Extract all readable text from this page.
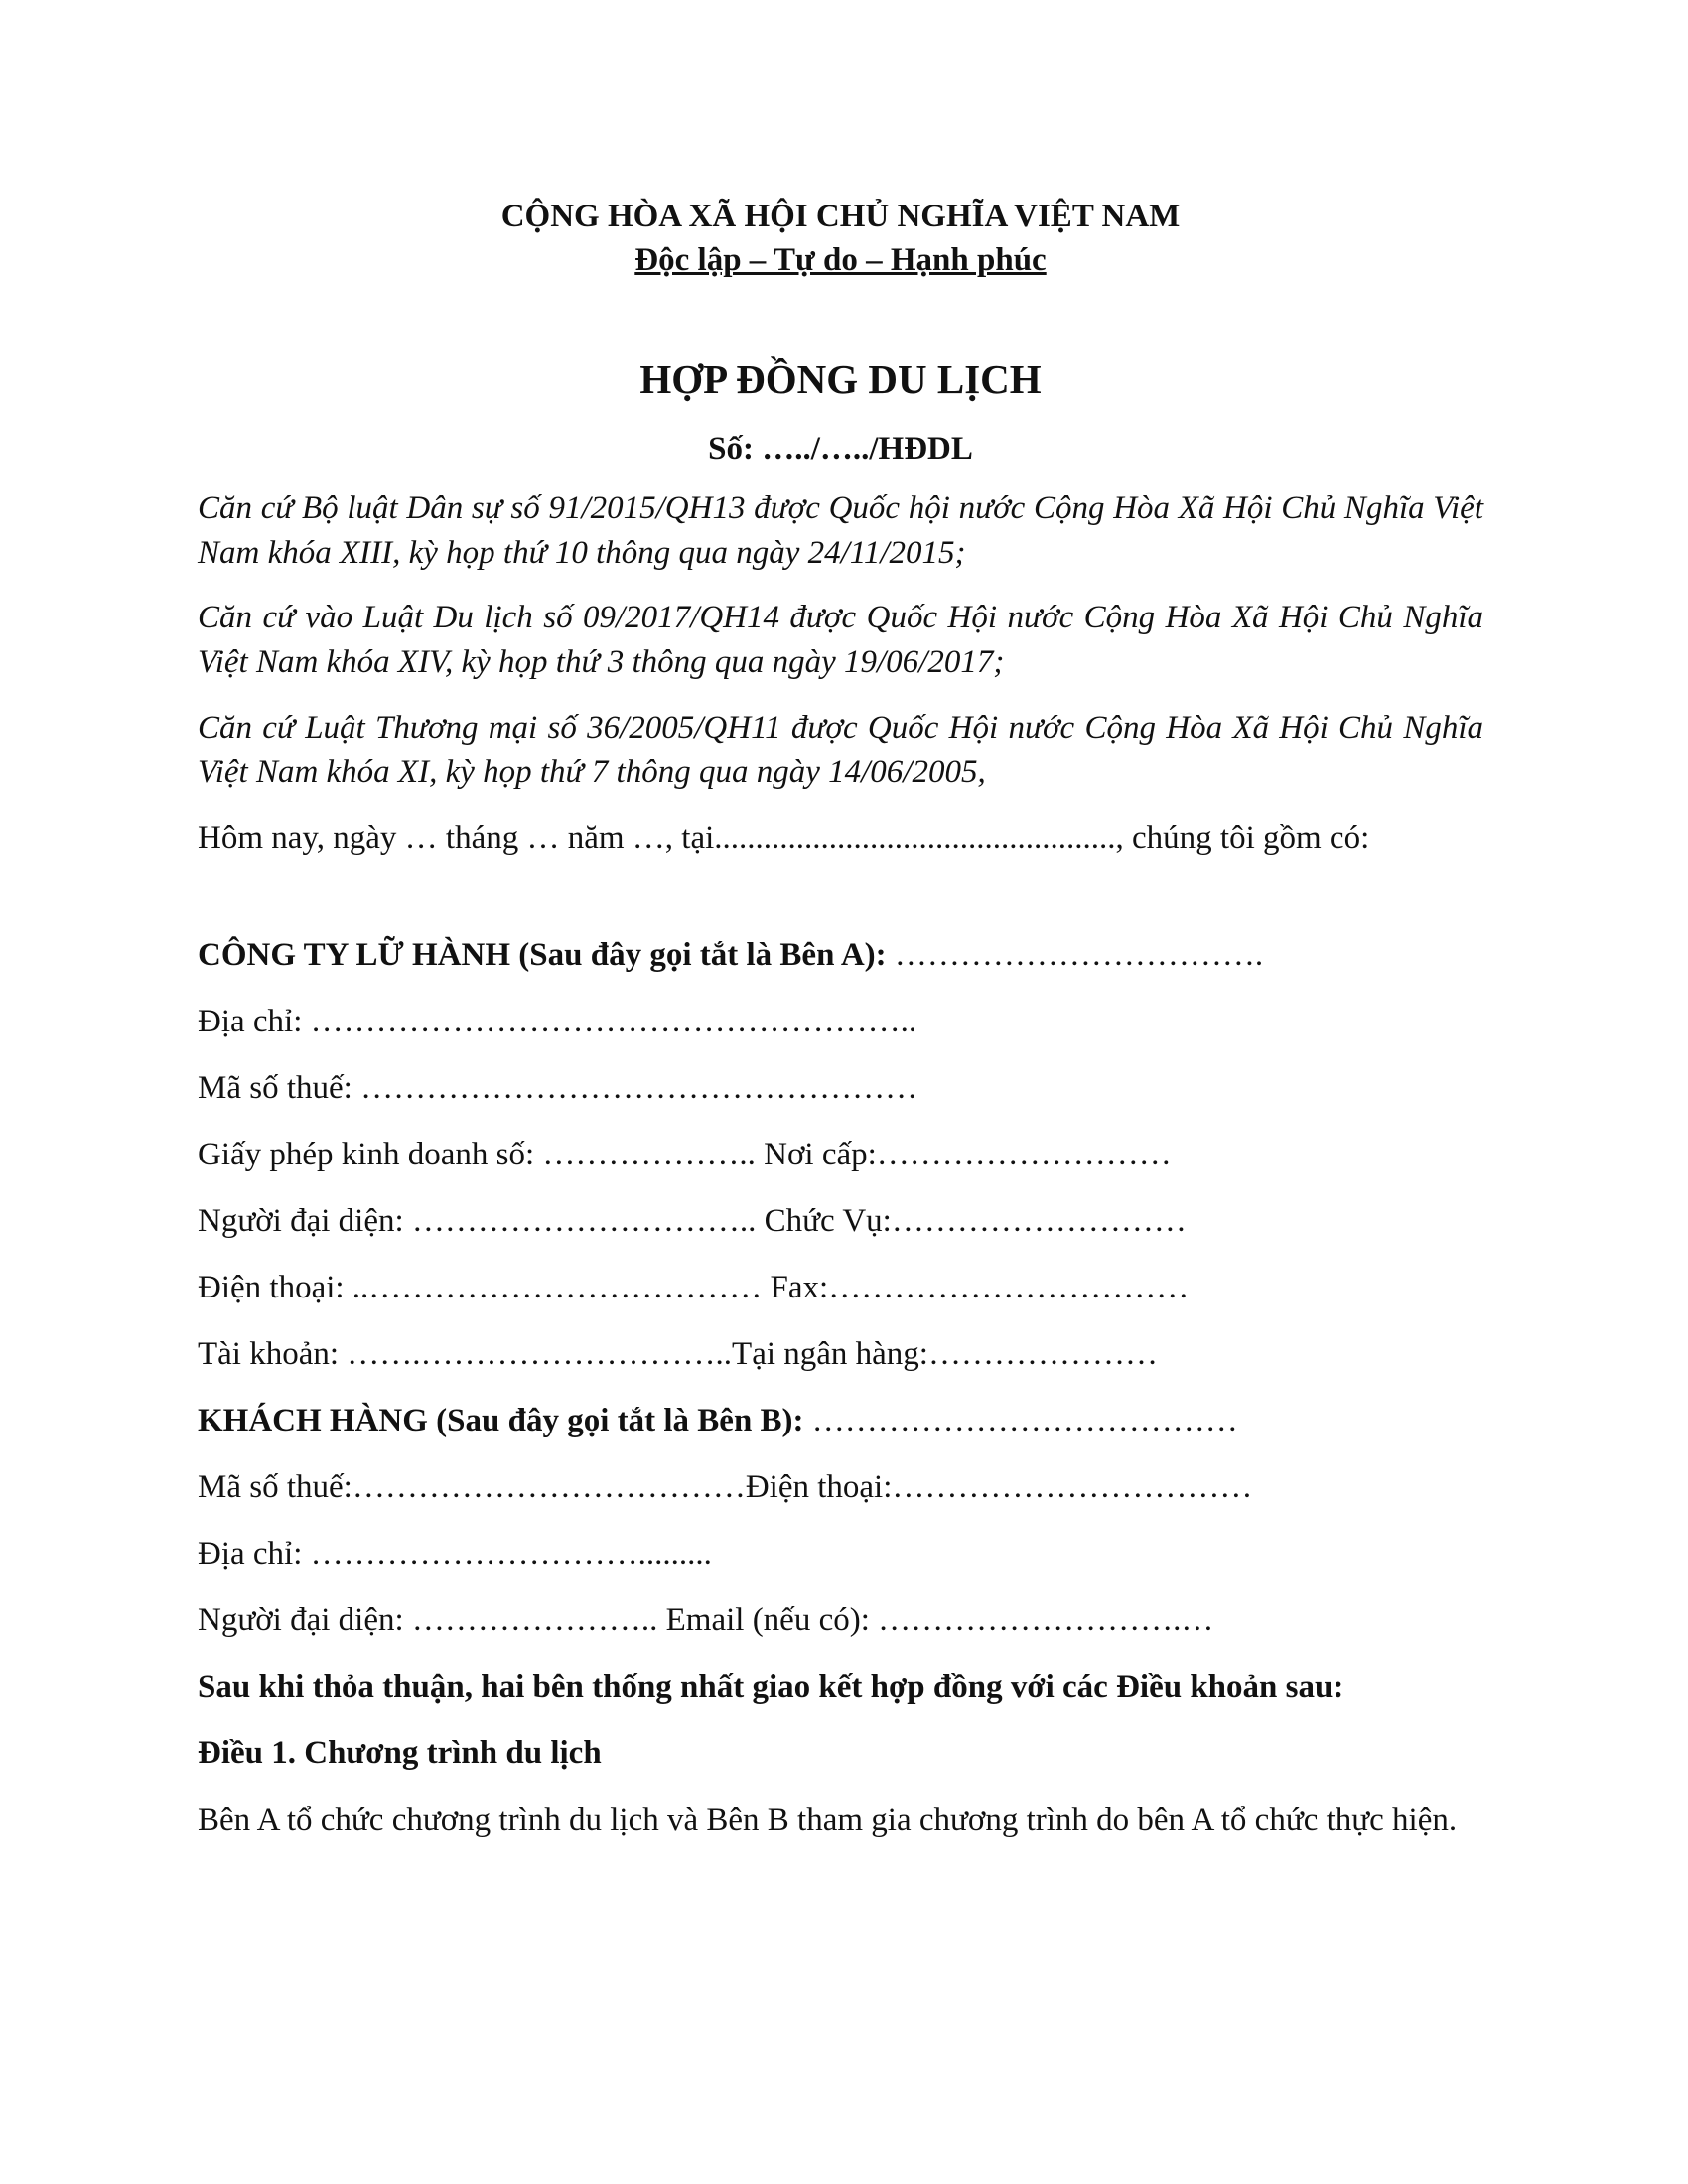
CỘNG HÒA XÃ HỘI CHỦ NGHĨA VIỆT NAM
Độc lập – Tự do – Hạnh phúc
HỢP ĐỒNG DU LỊCH
Số: …../…../HĐDL
Căn cứ Bộ luật Dân sự số 91/2015/QH13 được Quốc hội nước Cộng Hòa Xã Hội Chủ Nghĩa Việt Nam khóa XIII, kỳ họp thứ 10 thông qua ngày 24/11/2015;
Căn cứ vào Luật Du lịch số 09/2017/QH14 được Quốc Hội nước Cộng Hòa Xã Hội Chủ Nghĩa Việt Nam khóa XIV, kỳ họp thứ 3 thông qua ngày 19/06/2017;
Căn cứ Luật Thương mại số 36/2005/QH11 được Quốc Hội nước Cộng Hòa Xã Hội Chủ Nghĩa Việt Nam khóa XI, kỳ họp thứ 7 thông qua ngày 14/06/2005,
Hôm nay, ngày … tháng … năm …, tại................................................., chúng tôi gồm có:
CÔNG TY LỮ HÀNH (Sau đây gọi tắt là Bên A): …………………………….
Địa chỉ: ………………………………………………..
Mã số thuế: ……………………………………………
Giấy phép kinh doanh số: ……………….. Nơi cấp:………………………
Người đại diện: ………………………….. Chức Vụ:………………………
Điện thoại: ..……………………………… Fax:……………………………
Tài khoản: …….………………………..Tại ngân hàng:…………………
KHÁCH HÀNG (Sau đây gọi tắt là Bên B): …………………………………
Mã số thuế:………………………………Điện thoại:……………………………
Địa chỉ: ………………………….........
Người đại diện: ………………….. Email (nếu có): ……………………….…
Sau khi thỏa thuận, hai bên thống nhất giao kết hợp đồng với các Điều khoản sau:
Điều 1. Chương trình du lịch
Bên A tổ chức chương trình du lịch và Bên B tham gia chương trình do bên A tổ chức thực hiện.
